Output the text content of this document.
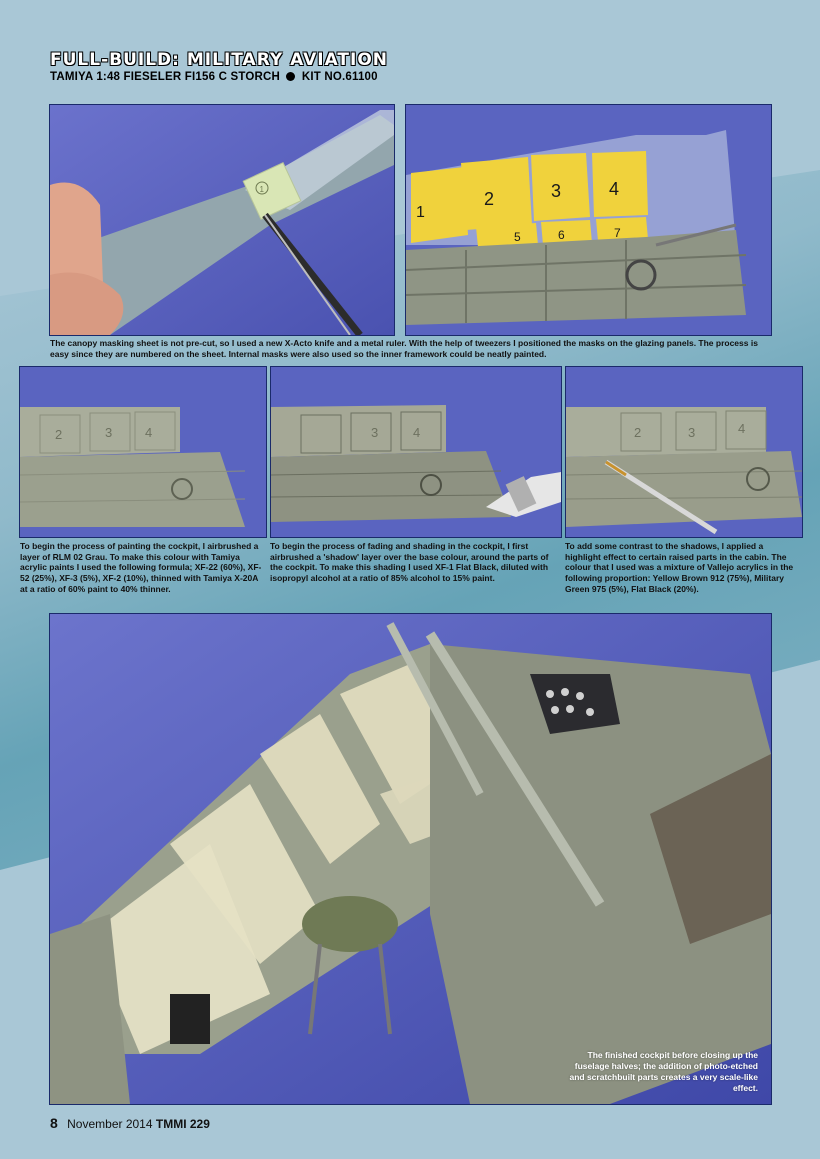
FULL-BUILD: MILITARY AVIATION
TAMIYA 1:48 FIESELER FI156 C STORCH KIT NO.61100
1
1
2	3	4
5	6	7
The canopy masking sheet is not pre-cut, so I used a new X-Acto knife and a metal ruler. With the help of tweezers I positioned the masks on the glazing panels. The process is easy since they are numbered on the sheet. Internal masks were also used so the inner framework could be neatly painted.
2	3	4	3	4	2	3	4
To begin the process of painting the cockpit, I airbrushed a layer of RLM 02 Grau. To make this colour with Tamiya acrylic paints I used the following formula; XF-22 (60%), XF-52 (25%), XF-3 (5%), XF-2 (10%), thinned with Tamiya X-20A at a ratio of 60% paint to 40% thinner.
To begin the process of fading and shading in the cockpit, I first airbrushed a 'shadow' layer over the base colour, around the parts of the cockpit. To make this shading I used XF-1 Flat Black, diluted with isopropyl alcohol at a ratio of 85% alcohol to 15% paint.
To add some contrast to the shadows, I applied a highlight effect to certain raised parts in the cabin. The colour that I used was a mixture of Vallejo acrylics in the following proportion: Yellow Brown 912 (75%), Military Green 975 (5%), Flat Black (20%).
The finished cockpit before closing up the fuselage halves; the addition of photo-etched and scratchbuilt parts creates a very scale-like effect.
8 November 2014 TMMI 229
